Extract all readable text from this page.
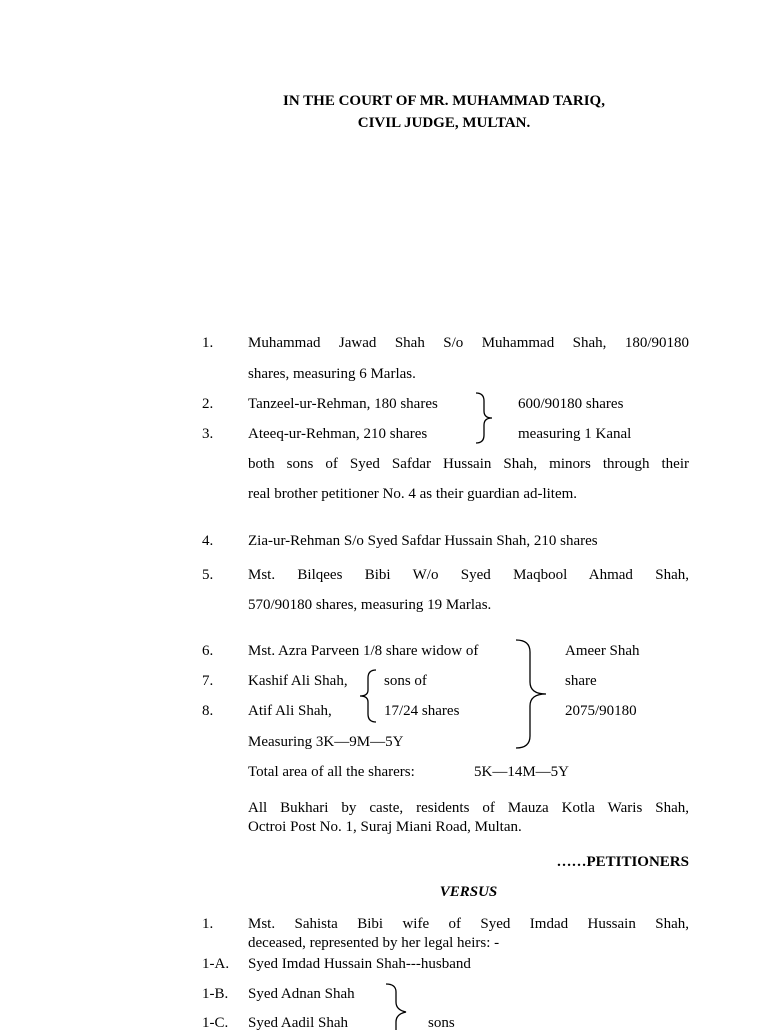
IN THE COURT OF MR. MUHAMMAD TARIQ,
CIVIL JUDGE, MULTAN.
1. Muhammad Jawad Shah S/o Muhammad Shah, 180/90180
shares, measuring 6 Marlas.
2. Tanzeel-ur-Rehman, 180 shares	600/90180 shares
3. Ateeq-ur-Rehman, 210 shares	measuring 1 Kanal
both sons of Syed Safdar Hussain Shah, minors through their
real brother petitioner No. 4 as their guardian ad-litem.
4. Zia-ur-Rehman S/o Syed Safdar Hussain Shah, 210 shares
5. Mst. Bilqees Bibi W/o Syed Maqbool Ahmad Shah,
570/90180 shares, measuring 19 Marlas.
6. Mst. Azra Parveen 1/8 share widow of	Ameer Shah
7. Kashif Ali Shah, sons of	share
8. Atif Ali Shah,	17/24 shares	2075/90180
Measuring 3K—9M—5Y
Total area of all the sharers:	5K—14M—5Y
All Bukhari by caste, residents of Mauza Kotla Waris Shah,
Octroi Post No. 1, Suraj Miani Road, Multan.
……PETITIONERS
VERSUS
1. Mst. Sahista Bibi wife of Syed Imdad Hussain Shah,
deceased, represented by her legal heirs: -
1-A. Syed Imdad Hussain Shah---husband
1-B. Syed Adnan Shah
1-C. Syed Aadil Shah	sons
